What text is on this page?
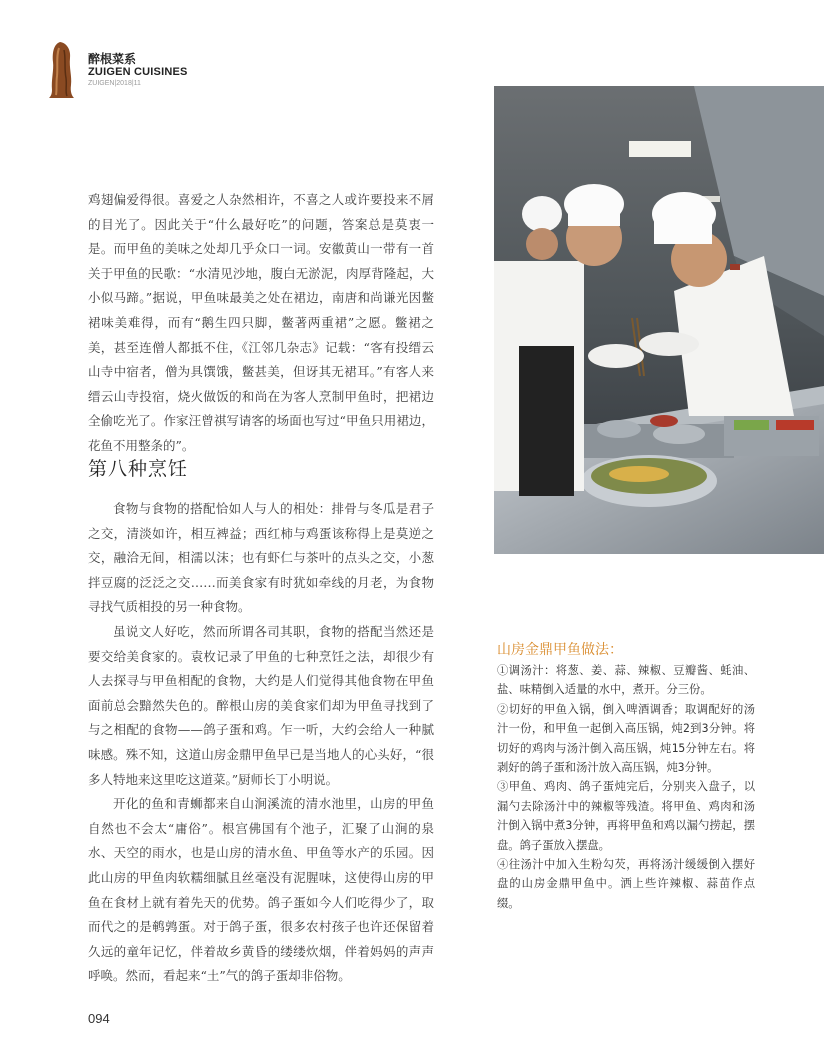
醉根菜系
ZUIGEN CUISINES
ZUIGEN|2018|11

鸡翅偏爱得很。喜爱之人杂然相许，不喜之人或许要投来不屑的目光了。因此关于“什么最好吃”的问题，答案总是莫衷一是。而甲鱼的美味之处却几乎众口一词。安徽黄山一带有一首关于甲鱼的民歌：“水清见沙地，腹白无淤泥，肉厚背隆起，大小似马蹄。”据说，甲鱼味最美之处在裙边，南唐和尚谦光因鳖裙味美难得，而有“鹅生四只脚，鳖著两重裙”之愿。鳖裙之美，甚至连僧人都抵不住，《江邻几杂志》记载：“客有投缙云山寺中宿者，僧为具馔饿，鳖甚美，但讶其无裙耳。”有客人来缙云山寺投宿，烧火做饭的和尚在为客人烹制甲鱼时，把裙边全偷吃光了。作家汪曾祺写请客的场面也写过“甲鱼只用裙边，花鱼不用整条的”。

第八种烹饪

食物与食物的搭配恰如人与人的相处：排骨与冬瓜是君子之交，清淡如许，相互裨益；西红柿与鸡蛋该称得上是莫逆之交，融洽无间，相濡以沫；也有虾仁与茶叶的点头之交，小葱拌豆腐的泛泛之交……而美食家有时犹如牵线的月老，为食物寻找气质相投的另一种食物。

虽说文人好吃，然而所谓各司其职，食物的搭配当然还是要交给美食家的。袁枚记录了甲鱼的七种烹饪之法，却很少有人去探寻与甲鱼相配的食物，大约是人们觉得其他食物在甲鱼面前总会黯然失色的。醉根山房的美食家们却为甲鱼寻找到了与之相配的食物——鸽子蛋和鸡。乍一听，大约会给人一种腻味感。殊不知，这道山房金鼎甲鱼早已是当地人的心头好，“很多人特地来这里吃这道菜。”厨师长丁小明说。

开化的鱼和青蛳都来自山涧溪流的清水池里，山房的甲鱼自然也不会太“庸俗”。根宫佛国有个池子，汇聚了山涧的泉水、天空的雨水，也是山房的清水鱼、甲鱼等水产的乐园。因此山房的甲鱼肉软糯细腻且丝毫没有泥腥味，这使得山房的甲鱼在食材上就有着先天的优势。鸽子蛋如今人们吃得少了，取而代之的是鹌鹑蛋。对于鸽子蛋，很多农村孩子也许还保留着久远的童年记忆，伴着故乡黄昏的缕缕炊烟，伴着妈妈的声声呼唤。然而，看起来“土”气的鸽子蛋却非俗物。

山房金鼎甲鱼做法：

①调汤汁：将葱、姜、蒜、辣椒、豆瓣酱、蚝油、盐、味精倒入适量的水中，煮开。分三份。

②切好的甲鱼入锅，倒入啤酒调香；取调配好的汤汁一份，和甲鱼一起倒入高压锅，炖2到3分钟。将切好的鸡肉与汤汁倒入高压锅，炖15分钟左右。将剥好的鸽子蛋和汤汁放入高压锅，炖3分钟。

③甲鱼、鸡肉、鸽子蛋炖完后，分别夹入盘子，以漏勺去除汤汁中的辣椒等残渣。将甲鱼、鸡肉和汤汁倒入锅中煮3分钟，再将甲鱼和鸡以漏勺捞起，摆盘。鸽子蛋放入摆盘。

④往汤汁中加入生粉勾芡，再将汤汁缓缓倒入摆好盘的山房金鼎甲鱼中。洒上些许辣椒、蒜苗作点缀。

094
